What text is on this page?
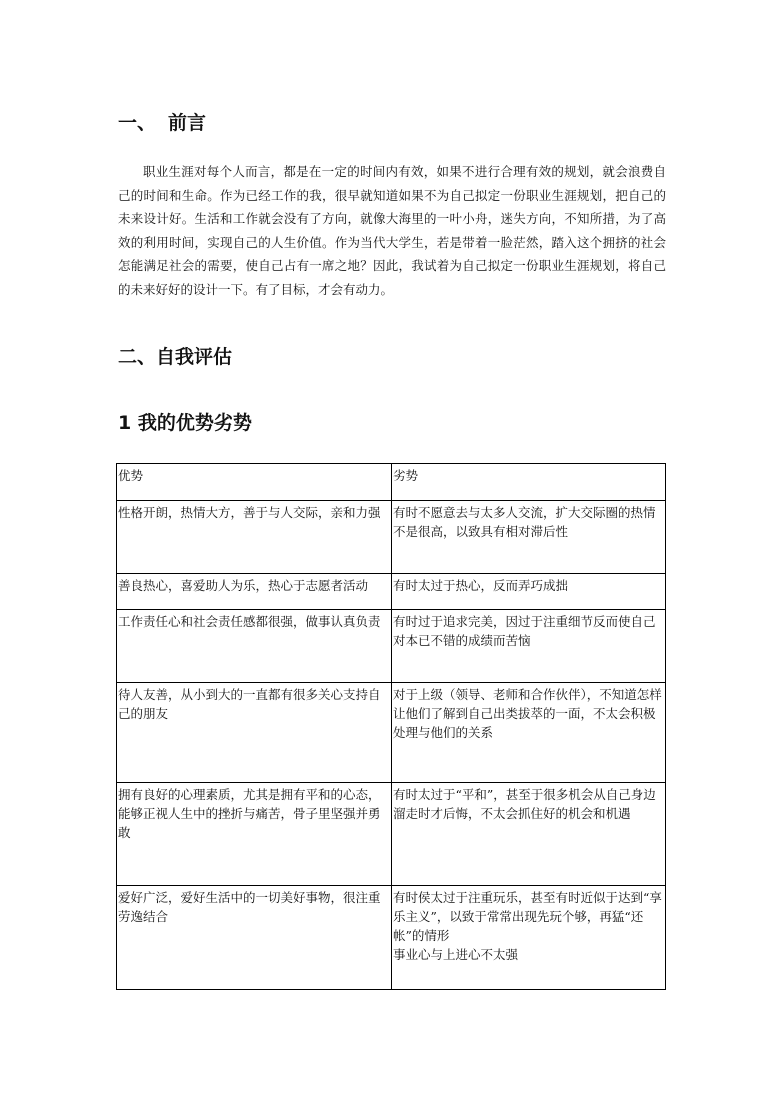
一、 前言

职业生涯对每个人而言，都是在一定的时间内有效，如果不进行合理有效的规划，就会浪费自己的时间和生命。作为已经工作的我，很早就知道如果不为自己拟定一份职业生涯规划，把自己的未来设计好。生活和工作就会没有了方向，就像大海里的一叶小舟，迷失方向，不知所措，为了高效的利用时间，实现自己的人生价值。作为当代大学生，若是带着一脸茫然，踏入这个拥挤的社会怎能满足社会的需要，使自己占有一席之地？因此，我试着为自己拟定一份职业生涯规划，将自己的未来好好的设计一下。有了目标，才会有动力。

二、自我评估
1 我的优势劣势
优势	劣势
性格开朗，热情大方，善于与人交际，亲和力强	有时不愿意去与太多人交流，扩大交际圈的热情不是很高，以致具有相对滞后性

善良热心，喜爱助人为乐，热心于志愿者活动	有时太过于热心，反而弄巧成拙

工作责任心和社会责任感都很强，做事认真负责	有时过于追求完美，因过于注重细节反而使自己对本已不错的成绩而苦恼

待人友善，从小到大的一直都有很多关心支持自己的朋友	对于上级（领导、老师和合作伙伴），不知道怎样让他们了解到自己出类拔萃的一面，不太会积极处理与他们的关系

拥有良好的心理素质，尤其是拥有平和的心态，能够正视人生中的挫折与痛苦，骨子里坚强并勇敢	有时太过于“平和”，甚至于很多机会从自己身边溜走时才后悔，不太会抓住好的机会和机遇

爱好广泛，爱好生活中的一切美好事物，很注重劳逸结合	有时侯太过于注重玩乐，甚至有时近似于达到“享乐主义”，以致于常常出现先玩个够，再猛“还帐”的情形
事业心与上进心不太强
